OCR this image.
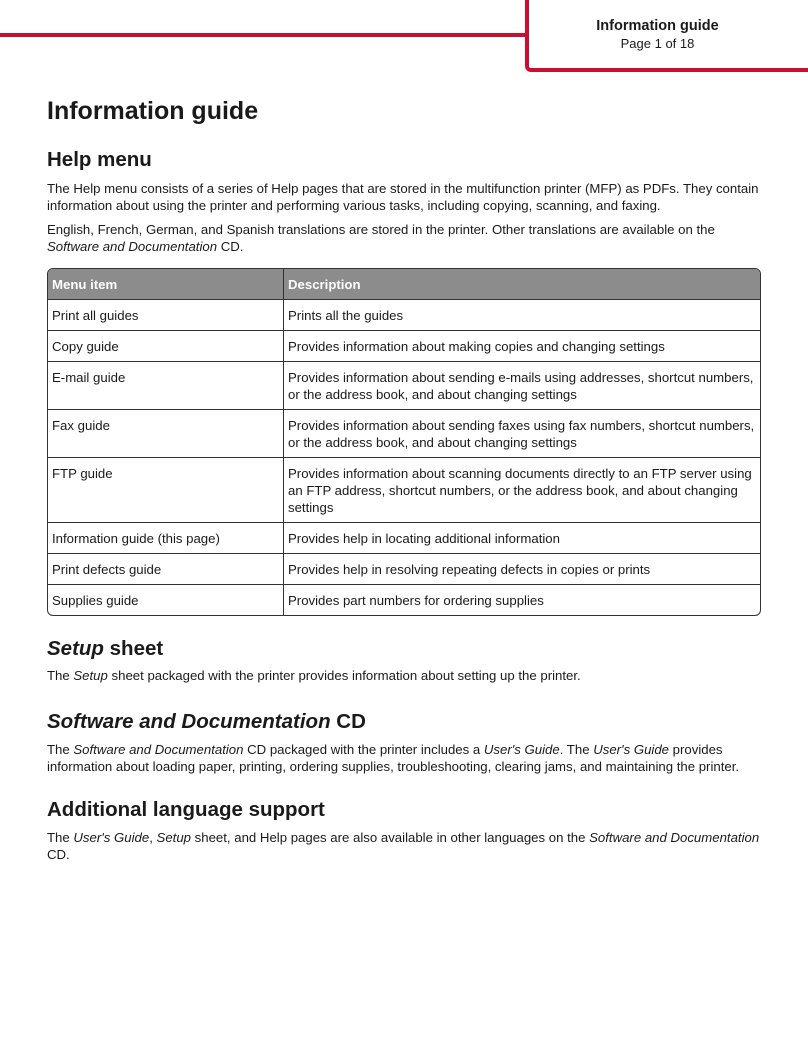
Information guide
Page 1 of 18
Information guide
Help menu

The Help menu consists of a series of Help pages that are stored in the multifunction printer (MFP) as PDFs. They contain information about using the printer and performing various tasks, including copying, scanning, and faxing.

English, French, German, and Spanish translations are stored in the printer. Other translations are available on the Software and Documentation CD.

Menu item	Description
Print all guides	Prints all the guides
Copy guide	Provides information about making copies and changing settings
E-mail guide	Provides information about sending e-mails using addresses, shortcut numbers, or the address book, and about changing settings
Fax guide	Provides information about sending faxes using fax numbers, shortcut numbers, or the address book, and about changing settings
FTP guide	Provides information about scanning documents directly to an FTP server using an FTP address, shortcut numbers, or the address book, and about changing settings
Information guide (this page)	Provides help in locating additional information
Print defects guide	Provides help in resolving repeating defects in copies or prints
Supplies guide	Provides part numbers for ordering supplies
Setup sheet

The Setup sheet packaged with the printer provides information about setting up the printer.

Software and Documentation CD

The Software and Documentation CD packaged with the printer includes a User's Guide. The User's Guide provides information about loading paper, printing, ordering supplies, troubleshooting, clearing jams, and maintaining the printer.

Additional language support

The User's Guide, Setup sheet, and Help pages are also available in other languages on the Software and Documentation CD.
